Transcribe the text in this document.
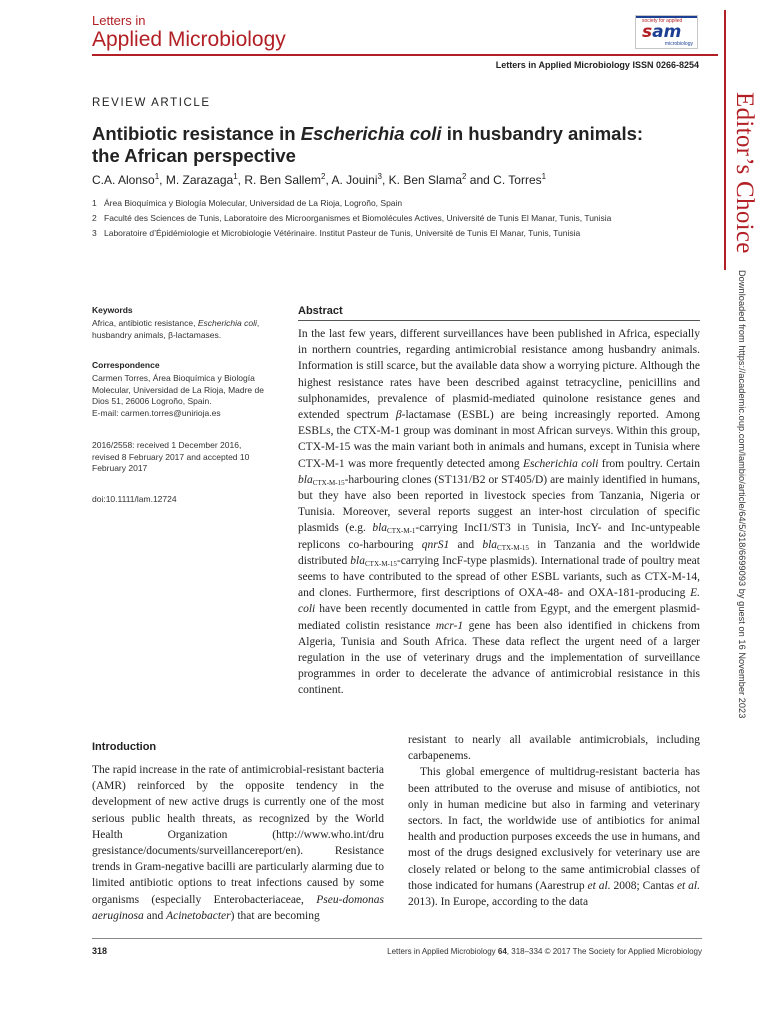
Letters in
Applied Microbiology
society for applied
sam
microbiology
Letters in Applied Microbiology ISSN 0266-8254
REVIEW ARTICLE
Antibiotic resistance in Escherichia coli in husbandry animals: the African perspective
C.A. Alonso$^1$, M. Zarazaga$^1$, R. Ben Sallem$^2$, A. Jouini$^3$, K. Ben Slama$^2$ and C. Torres$^1$
1 Área Bioquímica y Biología Molecular, Universidad de La Rioja, Logroño, Spain
2 Faculté des Sciences de Tunis, Laboratoire des Microorganismes et Biomolécules Actives, Université de Tunis El Manar, Tunis, Tunisia
3 Laboratoire d’Épidémiologie et Microbiologie Vétérinaire. Institut Pasteur de Tunis, Université de Tunis El Manar, Tunis, Tunisia	Editor’s Choice
Downloaded from https://academic.oup.com/lambio/article/64/5/318/6699093 by guest on 16 November 2023
Keywords
Africa, antibiotic resistance, Escherichia coli, husbandry animals, β-lactamases.
Correspondence
Carmen Torres, Área Bioquímica y Biología
Molecular, Universidad de La Rioja, Madre de
Dios 51, 26006 Logroño, Spain.
E-mail: carmen.torres@unirioja.es
2016/2558: received 1 December 2016,
revised 8 February 2017 and accepted 10
February 2017
doi:10.1111/lam.12724
Abstract
In the last few years, different surveillances have been published in Africa, especially in northern countries, regarding antimicrobial resistance among husbandry animals. Information is still scarce, but the available data show a worrying picture. Although the highest resistance rates have been described against tetracycline, penicillins and sulphonamides, prevalence of plasmid-mediated quinolone resistance genes and extended spectrum β-lactamase (ESBL) are being increasingly reported. Among ESBLs, the CTX-M-1 group was dominant in most African surveys. Within this group, CTX-M-15 was the main variant both in animals and humans, except in Tunisia where CTX-M-1 was more frequently detected among Escherichia coli from poultry. Certain bla$_{CTX-M-15}$-harbouring clones (ST131/B2 or ST405/D) are mainly identified in humans, but they have also been reported in livestock species from Tanzania, Nigeria or Tunisia. Moreover, several reports suggest an inter-host circulation of specific plasmids (e.g. bla$_{CTX-M-1}$-carrying IncI1/ST3 in Tunisia, IncY- and Inc-untypeable replicons co-harbouring qnrS1 and bla$_{CTX-M-15}$ in Tanzania and the worldwide distributed bla$_{CTX-M-15}$-carrying IncF-type plasmids). International trade of poultry meat seems to have contributed to the spread of other ESBL variants, such as CTX-M-14, and clones. Furthermore, first descriptions of OXA-48- and OXA-181-producing E. coli have been recently documented in cattle from Egypt, and the emergent plasmid-mediated colistin resistance mcr-1 gene has been also identified in chickens from Algeria, Tunisia and South Africa. These data reflect the urgent need of a larger regulation in the use of veterinary drugs and the implementation of surveillance programmes in order to decelerate the advance of antimicrobial resistance in this continent.
Introduction
The rapid increase in the rate of antimicrobial-resistant bacteria (AMR) reinforced by the opposite tendency in the development of new active drugs is currently one of the most serious public health threats, as recognized by the World Health Organization (http://www.who.int/dru gresistance/documents/surveillancereport/en). Resistance trends in Gram-negative bacilli are particularly alarming due to limited antibiotic options to treat infections caused by some organisms (especially Enterobacteriaceae, Pseu-domonas aeruginosa and Acinetobacter) that are becoming
resistant to nearly all available antimicrobials, including carbapenems.
This global emergence of multidrug-resistant bacteria has been attributed to the overuse and misuse of antibiotics, not only in human medicine but also in farming and veterinary sectors. In fact, the worldwide use of antibiotics for animal health and production purposes exceeds the use in humans, and most of the drugs designed exclusively for veterinary use are closely related or belong to the same antimicrobial classes of those indicated for humans (Aarestrup et al. 2008; Cantas et al. 2013). In Europe, according to the data
318	Letters in Applied Microbiology 64, 318–334 © 2017 The Society for Applied Microbiology
